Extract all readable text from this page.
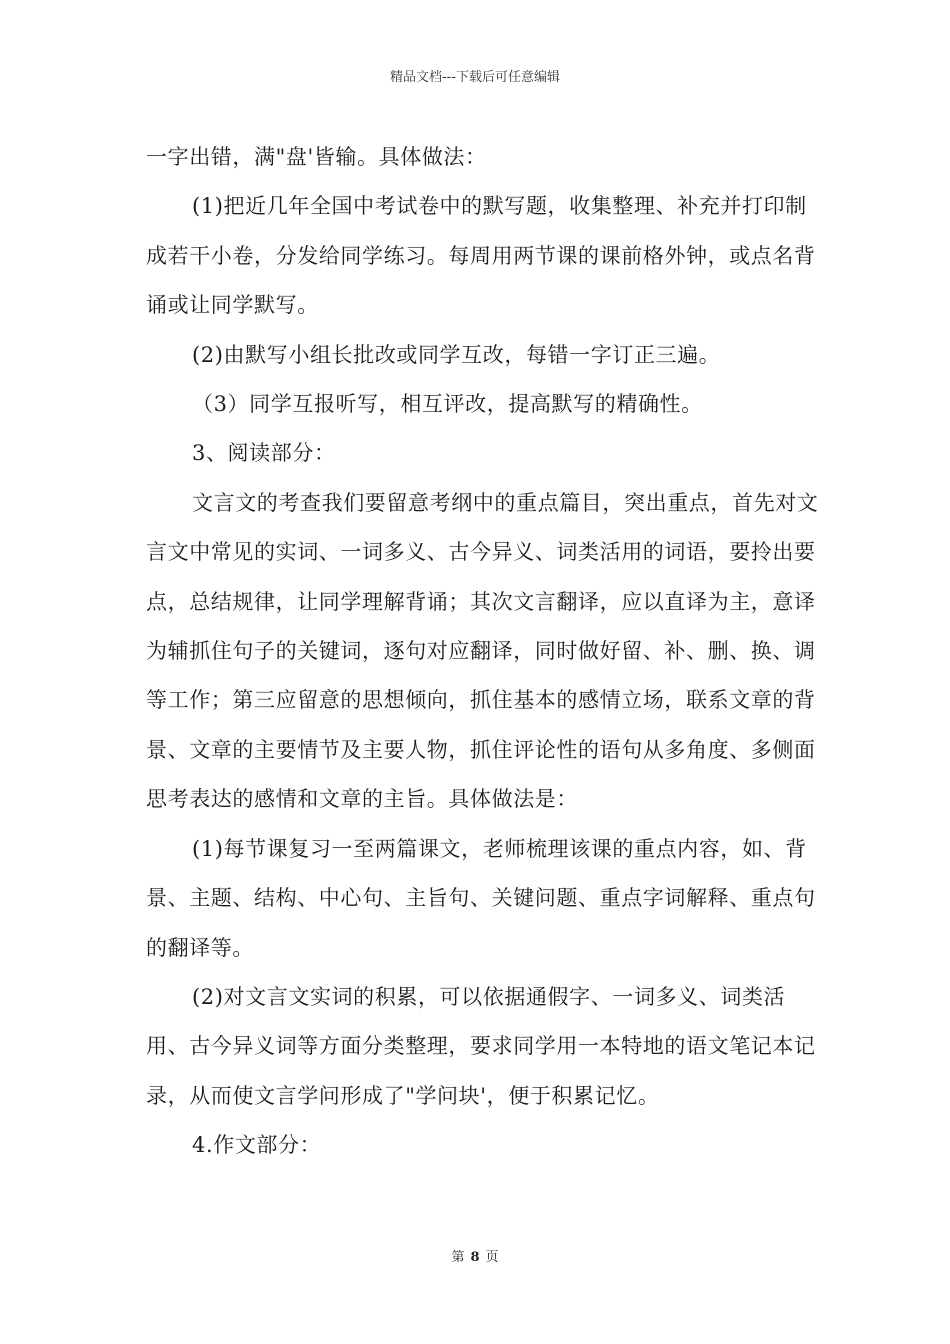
精品文档---下载后可任意编辑

一字出错，满"盘'皆输。具体做法：

(1)把近几年全国中考试卷中的默写题，收集整理、补充并打印制成若干小卷，分发给同学练习。每周用两节课的课前格外钟，或点名背诵或让同学默写。

(2)由默写小组长批改或同学互改，每错一字订正三遍。

（3）同学互报听写，相互评改，提高默写的精确性。

3、阅读部分：

文言文的考查我们要留意考纲中的重点篇目，突出重点，首先对文言文中常见的实词、一词多义、古今异义、词类活用的词语，要拎出要点，总结规律，让同学理解背诵；其次文言翻译，应以直译为主，意译为辅抓住句子的关键词，逐句对应翻译，同时做好留、补、删、换、调等工作；第三应留意的思想倾向，抓住基本的感情立场，联系文章的背景、文章的主要情节及主要人物，抓住评论性的语句从多角度、多侧面思考表达的感情和文章的主旨。具体做法是：

(1)每节课复习一至两篇课文，老师梳理该课的重点内容，如、背景、主题、结构、中心句、主旨句、关键问题、重点字词解释、重点句的翻译等。

(2)对文言文实词的积累，可以依据通假字、一词多义、词类活用、古今异义词等方面分类整理，要求同学用一本特地的语文笔记本记录，从而使文言学问形成了"学问块'，便于积累记忆。

4.作文部分：

第 8 页
